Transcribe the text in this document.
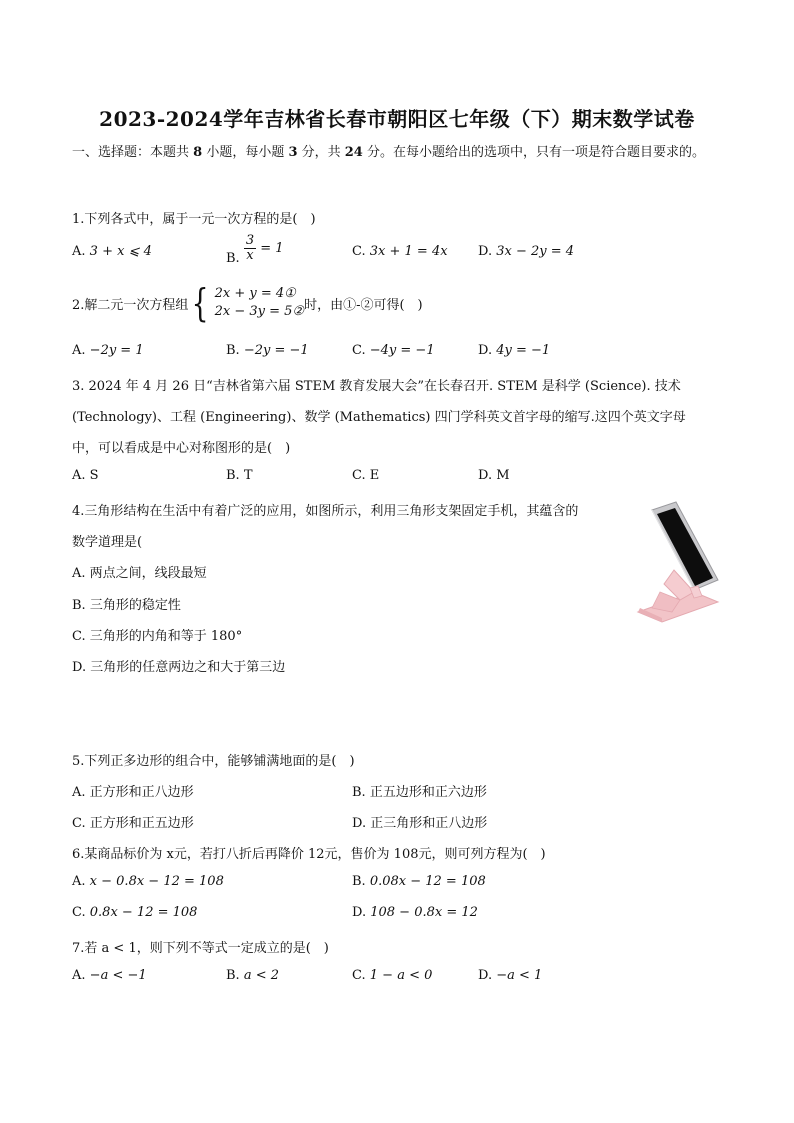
2023-2024学年吉林省长春市朝阳区七年级（下）期末数学试卷
一、选择题：本题共 8 小题，每小题 3 分，共 24 分。在每小题给出的选项中，只有一项是符合题目要求的。
1.下列各式中，属于一元一次方程的是(　)
A. 3 + x ⩽ 4	B. $\frac{3}{x} = 1$	C. 3x + 1 = 4x D. 3x − 2y = 4
2.解二元一次方程组 { 2x + y = 4①
2x − 3y = 5② 时，由①-②可得(　)
A. −2y = 1	B. −2y = −1	C. −4y = −1	D. 4y = −1
3. 2024 年 4 月 26 日“吉林省第六届 STEM 教育发展大会”在长春召开. STEM 是科学 (Science). 技术
(Technology)、工程 (Engineering)、数学 (Mathematics) 四门学科英文首字母的缩写.这四个英文字母
中，可以看成是中心对称图形的是(　)
A. S	B. T	C. E	D. M
4.三角形结构在生活中有着广泛的应用，如图所示，利用三角形支架固定手机，其蕴含的
数学道理是(
A. 两点之间，线段最短
B. 三角形的稳定性
C. 三角形的内角和等于 180°
D. 三角形的任意两边之和大于第三边
5.下列正多边形的组合中，能够铺满地面的是(　)
A. 正方形和正八边形	B. 正五边形和正六边形
C. 正方形和正五边形	D. 正三角形和正八边形
6.某商品标价为 x元，若打八折后再降价 12元，售价为 108元，则可列方程为(　)
A. x − 0.8x − 12 = 108	B. 0.08x − 12 = 108
C. 0.8x − 12 = 108	D. 108 − 0.8x = 12
7.若 a < 1，则下列不等式一定成立的是(　)
A. −a < −1	B. a < 2	C. 1 − a < 0	D. −a < 1
